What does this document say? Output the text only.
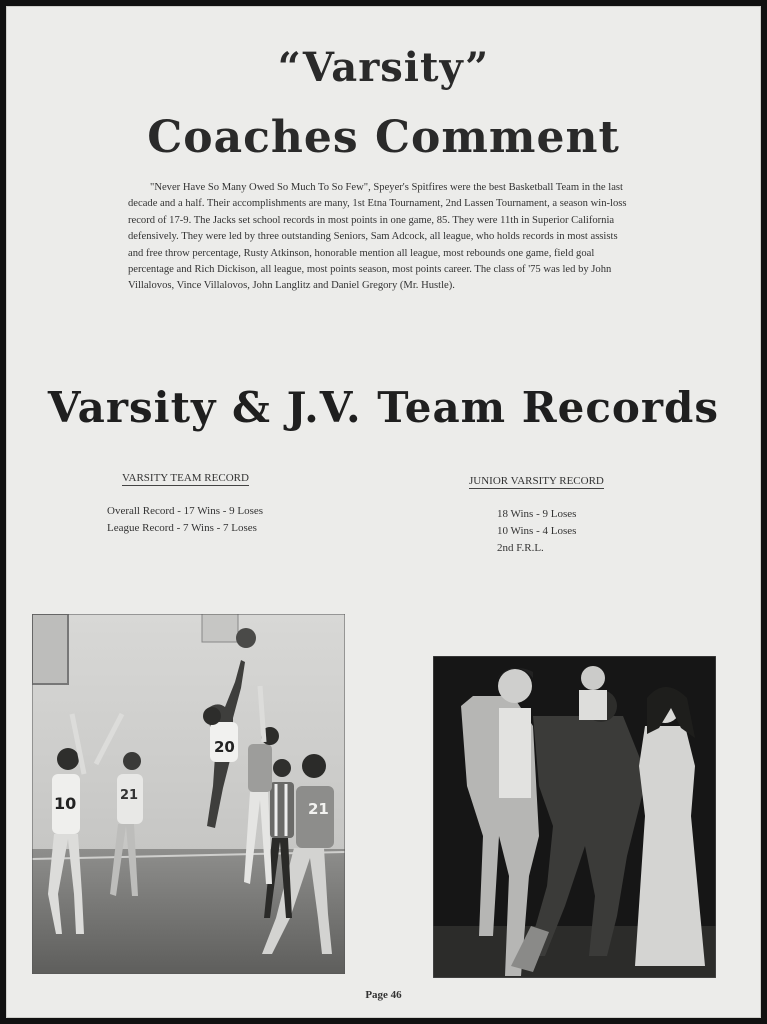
“Varsity”
Coaches Comment
"Never Have So Many Owed So Much To So Few", Speyer's Spitfires were the best Basketball Team in the last decade and a half. Their accomplishments are many, 1st Etna Tournament, 2nd Lassen Tournament, a season win-loss record of 17-9. The Jacks set school records in most points in one game, 85. They were 11th in Superior California defensively. They were led by three outstanding Seniors, Sam Adcock, all league, who holds records in most assists and free throw percentage, Rusty Atkinson, honorable mention all league, most rebounds one game, field goal percentage and Rich Dickison, all league, most points season, most points career. The class of '75 was led by John Villalovos, Vince Villalovos, John Langlitz and Daniel Gregory (Mr. Hustle).
Varsity & J.V. Team Records
VARSITY TEAM RECORD
Overall Record - 17 Wins - 9 Loses
League Record - 7 Wins - 7 Loses
JUNIOR VARSITY RECORD
18 Wins - 9 Loses
10 Wins - 4 Loses
2nd F.R.L.
20
10	21
21
Page 46
